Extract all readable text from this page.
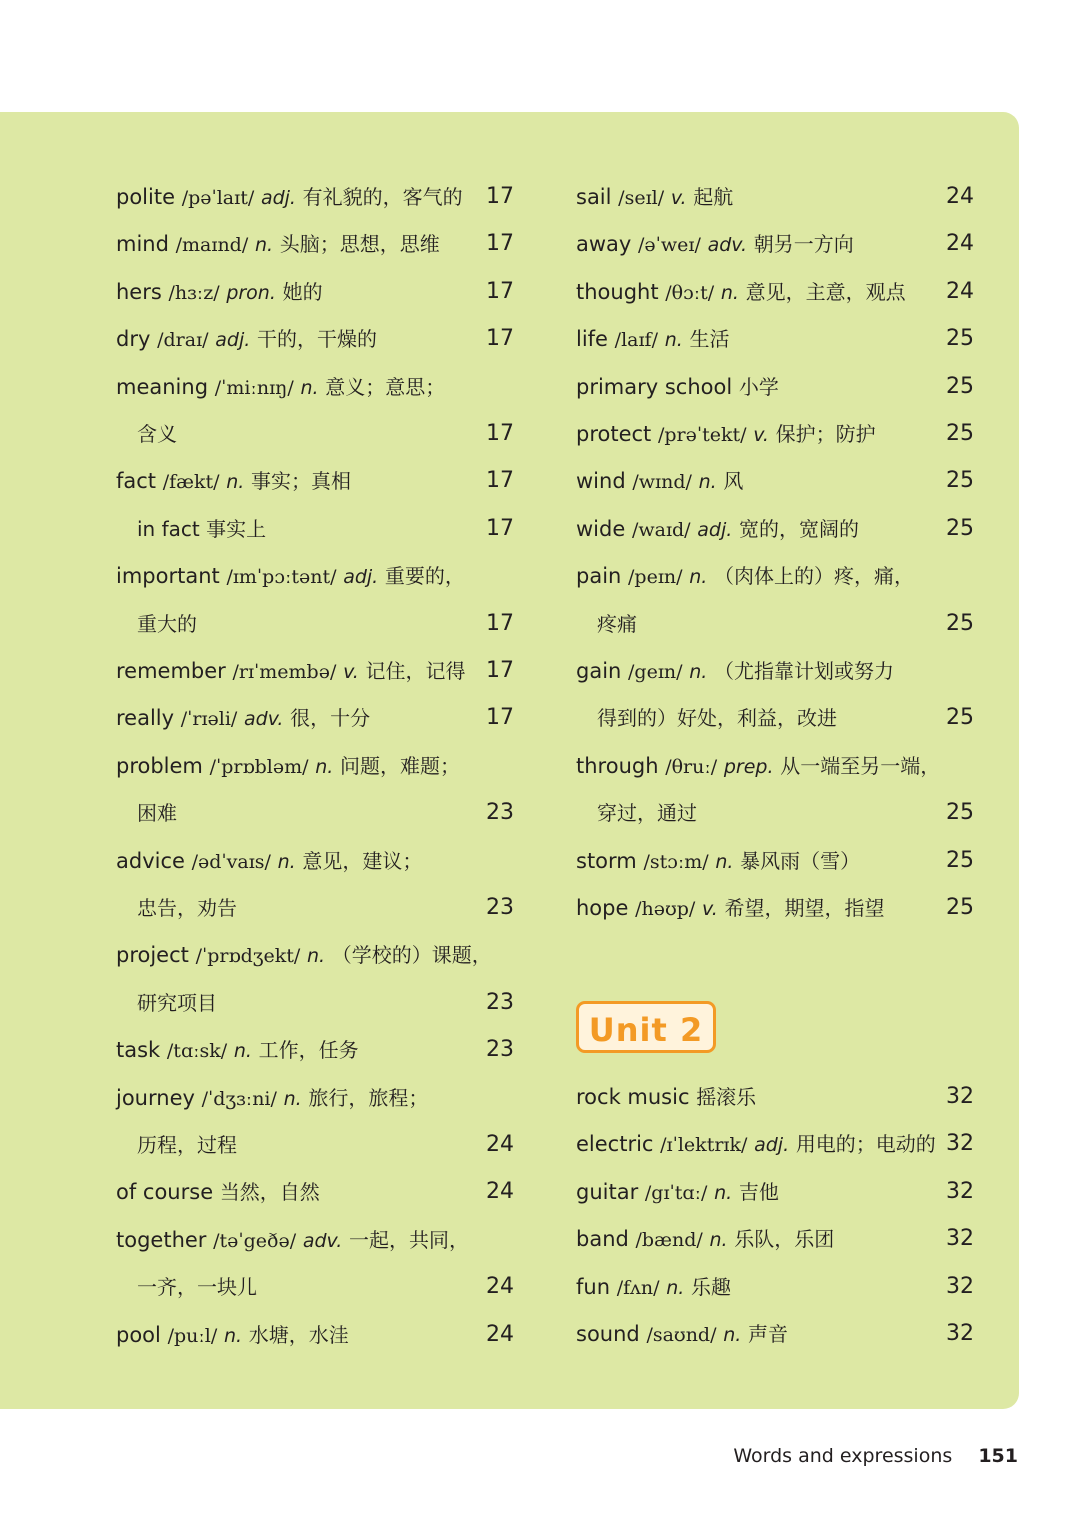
polite /pəˈlaɪt/ adj. 有礼貌的，客气的 17
mind /maɪnd/ n. 头脑；思想，思维 17
hers /hɜːz/ pron. 她的	17
dry /draɪ/ adj. 干的，干燥的	17
meaning /ˈmiːnɪŋ/ n. 意义；意思；
含义	17
fact /fækt/ n. 事实；真相	17
in fact 事实上	17
important /ɪmˈpɔːtənt/ adj. 重要的，
重大的	17
remember /rɪˈmembə/ v. 记住，记得 17
really /ˈrɪəli/ adv. 很，十分	17
problem /ˈprɒbləm/ n. 问题，难题；
困难	23
advice /ədˈvaɪs/ n. 意见，建议；
忠告，劝告	23
project /ˈprɒdʒekt/ n. （学校的）课题，
研究项目	23
task /tɑːsk/ n. 工作，任务	23
journey /ˈdʒɜːni/ n. 旅行，旅程；
历程，过程	24
of course 当然，自然	24
together /təˈgeðə/ adv. 一起，共同，
一齐，一块儿	24
pool /puːl/ n. 水塘，水洼	24
sail /seɪl/ v. 起航	24
away /əˈweɪ/ adv. 朝另一方向	24
thought /θɔːt/ n. 意见，主意，观点 24
life /laɪf/ n. 生活	25
primary school 小学	25
protect /prəˈtekt/ v. 保护；防护	25
wind /wɪnd/ n. 风	25
wide /waɪd/ adj. 宽的，宽阔的	25
pain /peɪn/ n. （肉体上的）疼，痛，
疼痛	25
gain /geɪn/ n. （尤指靠计划或努力
得到的）好处，利益，改进	25
through /θruː/ prep. 从一端至另一端，
穿过，通过	25
storm /stɔːm/ n. 暴风雨（雪）	25
hope /həʊp/ v. 希望，期望，指望	25
rock music 摇滚乐	32
electric /ɪˈlektrɪk/ adj. 用电的；电动的 32
guitar /gɪˈtɑː/ n. 吉他	32
band /bænd/ n. 乐队，乐团	32
fun /fʌn/ n. 乐趣	32
sound /saʊnd/ n. 声音	32
Unit 2
Words and expressions 151
